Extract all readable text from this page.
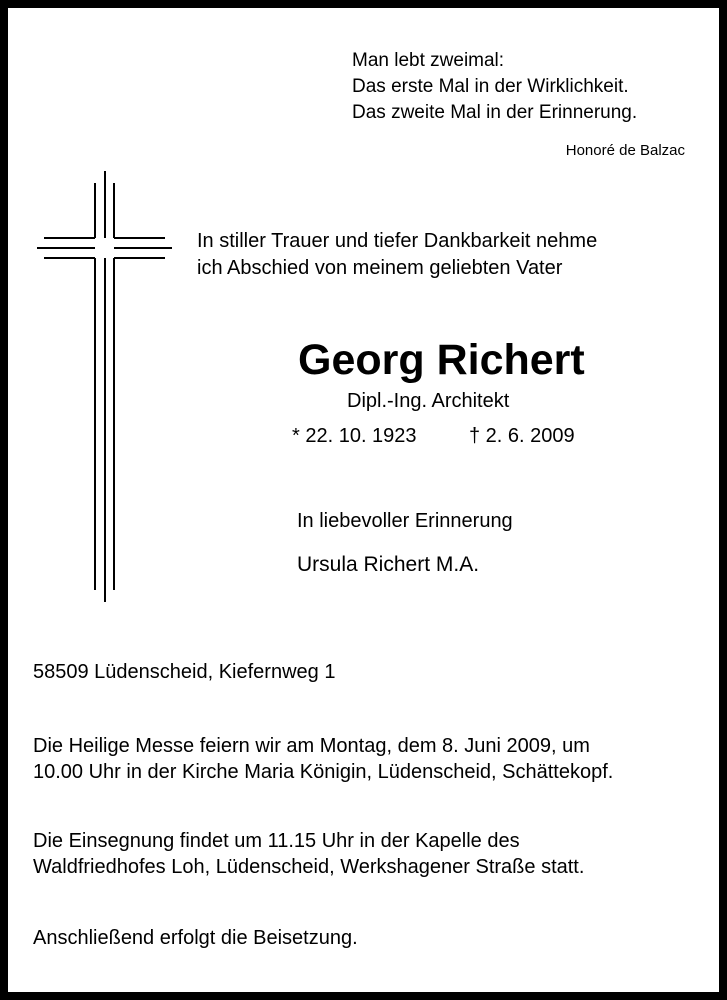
Man lebt zweimal:
Das erste Mal in der Wirklichkeit.
Das zweite Mal in der Erinnerung.
Honoré de Balzac
In stiller Trauer und tiefer Dankbarkeit nehme
ich Abschied von meinem geliebten Vater
Georg Richert
Dipl.-Ing. Architekt
* 22. 10. 1923	† 2. 6. 2009
In liebevoller Erinnerung
Ursula Richert M.A.
58509 Lüdenscheid, Kiefernweg 1
Die Heilige Messe feiern wir am Montag, dem 8. Juni 2009, um
10.00 Uhr in der Kirche Maria Königin, Lüdenscheid, Schättekopf.
Die Einsegnung findet um 11.15 Uhr in der Kapelle des
Waldfriedhofes Loh, Lüdenscheid, Werkshagener Straße statt.
Anschließend erfolgt die Beisetzung.
